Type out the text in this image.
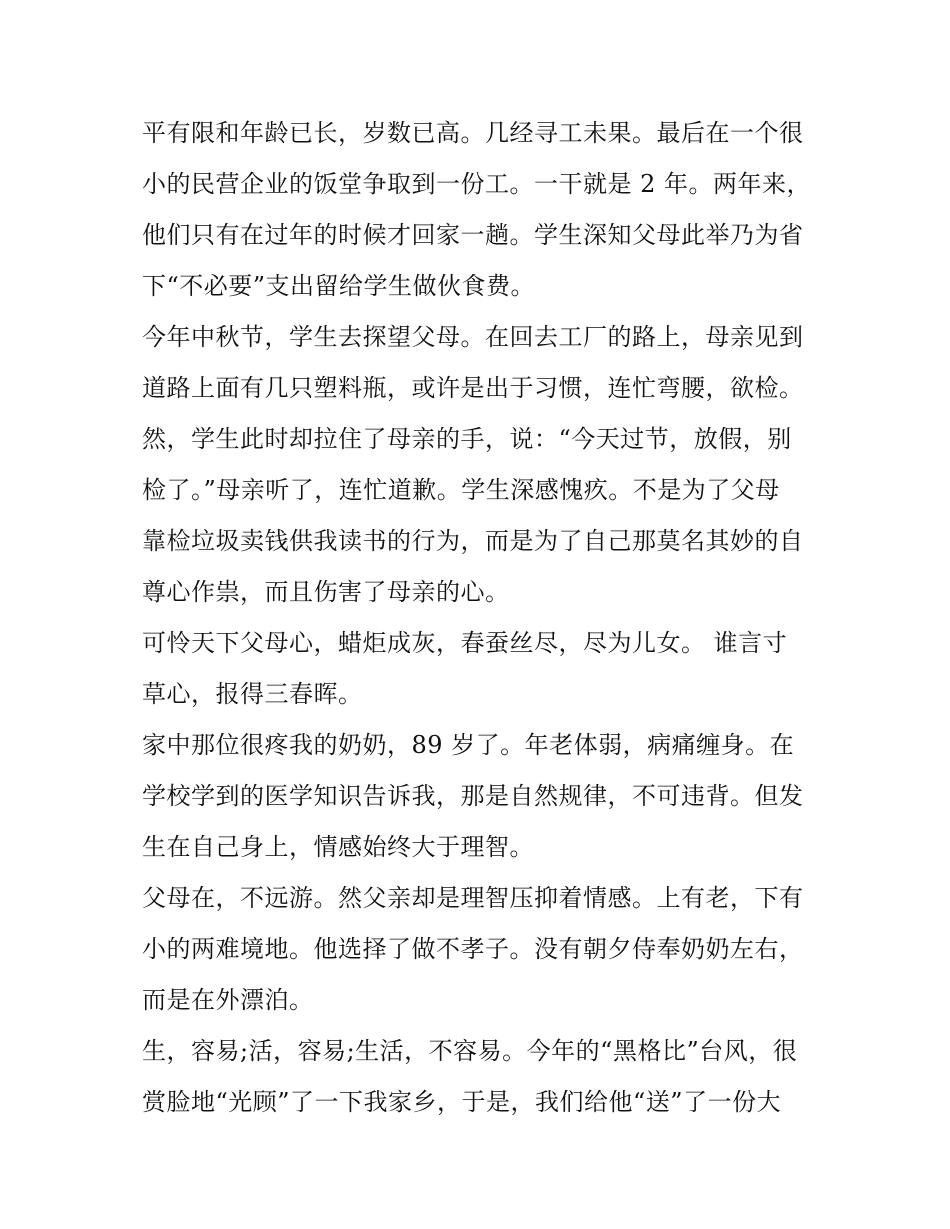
平有限和年龄已长，岁数已高。几经寻工未果。最后在一个很
小的民营企业的饭堂争取到一份工。一干就是 2 年。两年来，
他们只有在过年的时候才回家一趟。学生深知父母此举乃为省
下“不必要”支出留给学生做伙食费。
今年中秋节，学生去探望父母。在回去工厂的路上，母亲见到
道路上面有几只塑料瓶，或许是出于习惯，连忙弯腰，欲检。
然，学生此时却拉住了母亲的手，说：“今天过节，放假，别
检了。”母亲听了，连忙道歉。学生深感愧疚。不是为了父母
靠检垃圾卖钱供我读书的行为，而是为了自己那莫名其妙的自
尊心作祟，而且伤害了母亲的心。
可怜天下父母心，蜡炬成灰，春蚕丝尽，尽为儿女。 谁言寸
草心，报得三春晖。
家中那位很疼我的奶奶，89 岁了。年老体弱，病痛缠身。在
学校学到的医学知识告诉我，那是自然规律，不可违背。但发
生在自己身上，情感始终大于理智。
父母在，不远游。然父亲却是理智压抑着情感。上有老，下有
小的两难境地。他选择了做不孝子。没有朝夕侍奉奶奶左右，
而是在外漂泊。
生，容易;活，容易;生活，不容易。今年的“黑格比”台风，很
赏脸地“光顾”了一下我家乡，于是，我们给他“送”了一份大
